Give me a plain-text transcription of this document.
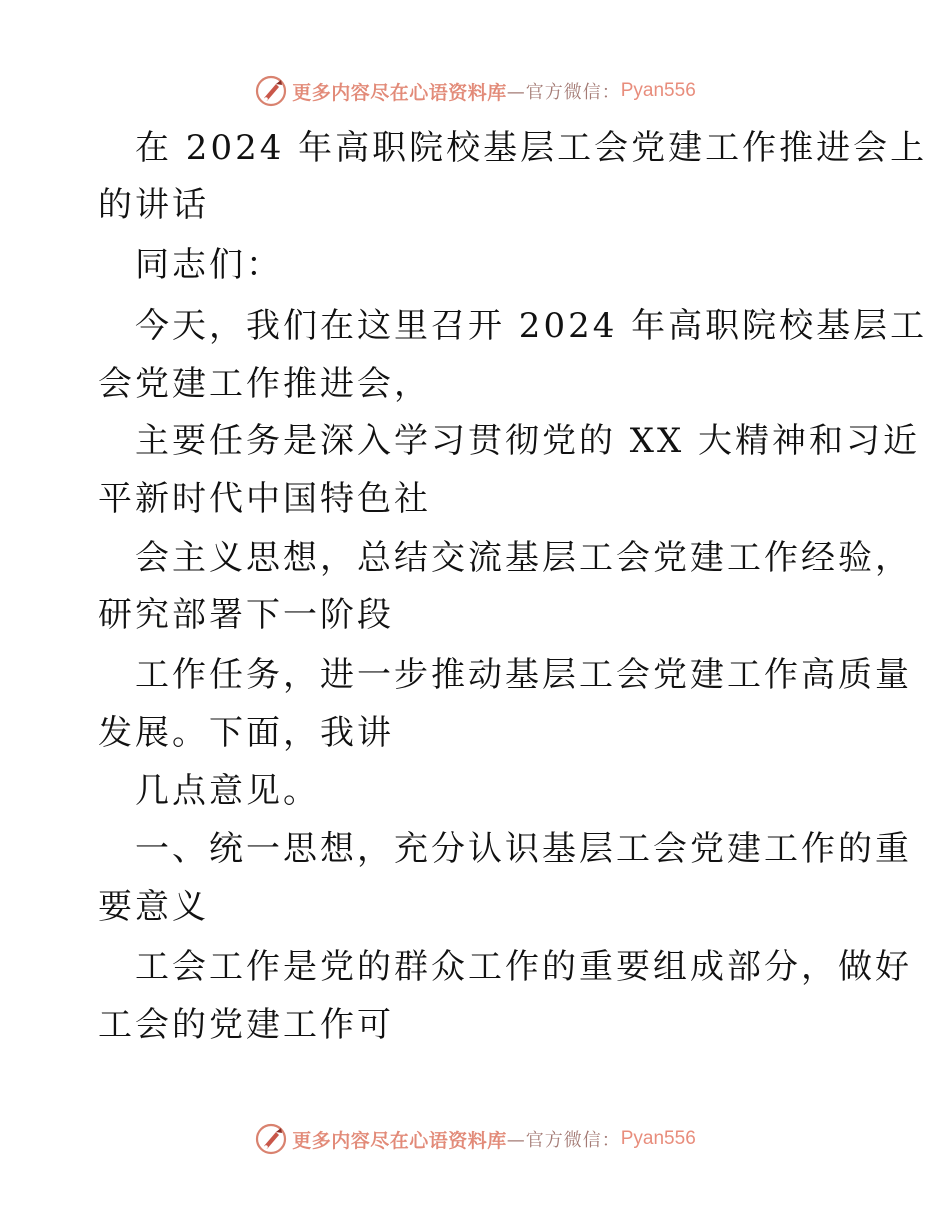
更多内容尽在心语资料库 —官方微信： Pyan556
在 2024 年高职院校基层工会党建工作推进会上
的讲话
同志们：
今天，我们在这里召开 2024 年高职院校基层工
会党建工作推进会，
主要任务是深入学习贯彻党的 XX 大精神和习近
平新时代中国特色社
会主义思想，总结交流基层工会党建工作经验，
研究部署下一阶段
工作任务，进一步推动基层工会党建工作高质量
发展。下面，我讲
几点意见。
一、统一思想，充分认识基层工会党建工作的重
要意义
工会工作是党的群众工作的重要组成部分，做好
工会的党建工作可
更多内容尽在心语资料库 —官方微信： Pyan556
